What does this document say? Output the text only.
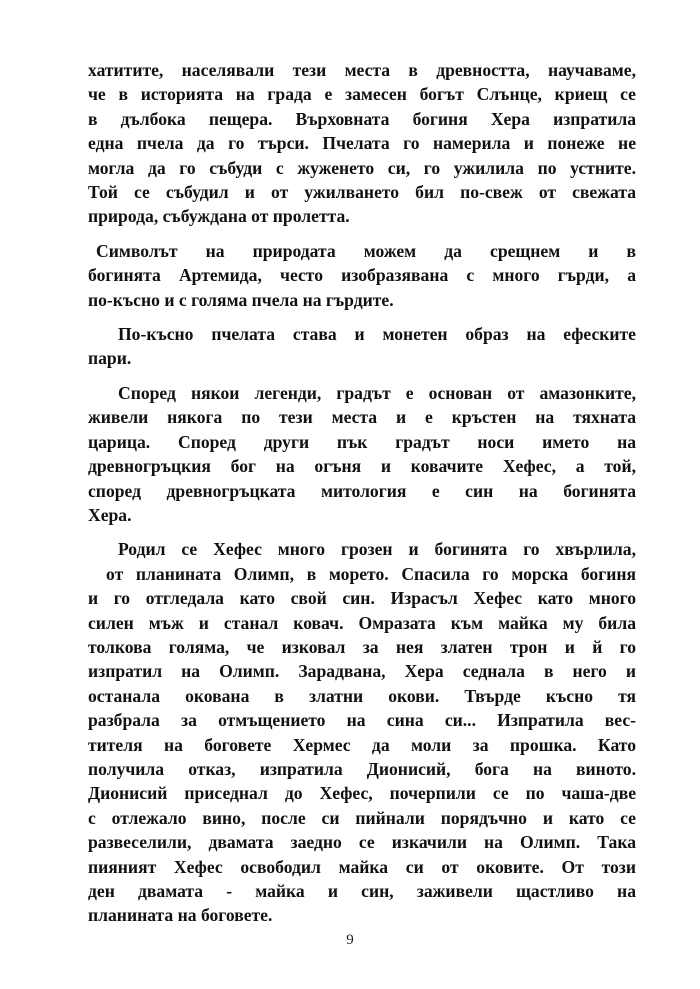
хатитите, населявали тези места в древността, научаваме,
че в историята на града е замесен богът Слънце, криещ се
в дълбока пещера. Върховната богиня Хера изпратила
една пчела да го търси. Пчелата го намерила и понеже не
могла да го събуди с жуженето си, го ужилила по устните.
Той се събудил и от ужилването бил по-свеж от свежата
природа, събуждана от пролетта.
Символът на природата можем да срещнем и в
богинята Артемида, често изобразявана с много гърди, а
по-късно и с голяма пчела на гърдите.
По-късно пчелата става и монетен образ на ефеските
пари.
Според някои легенди, градът е основан от амазонките,
живели някога по тези места и е кръстен на тяхната
царица. Според други пък градът носи името на
древногръцкия бог на огъня и ковачите Хефес, а той,
според древногръцката митология е син на богинята
Хера.
Родил се Хефес много грозен и богинята го хвърлила,
от планината Олимп, в морето. Спасила го морска богиня
и го отгледала като свой син. Израсъл Хефес като много
силен мъж и станал ковач. Омразата към майка му била
толкова голяма, че изковал за нея златен трон и й го
изпратил на Олимп. Зарадвана, Хера седнала в него и
останала окована в златни окови. Твърде късно тя
разбрала за отмъщението на сина си... Изпратила вес-
тителя на боговете Хермес да моли за прошка. Като
получила отказ, изпратила Дионисий, бога на виното.
Дионисий приседнал до Хефес, почерпили се по чаша-две
с отлежало вино, после си пийнали порядъчно и като се
развеселили, двамата заедно се изкачили на Олимп. Така
пияният Хефес освободил майка си от оковите. От този
ден двамата - майка и син, заживели щастливо на
планината на боговете.
9
